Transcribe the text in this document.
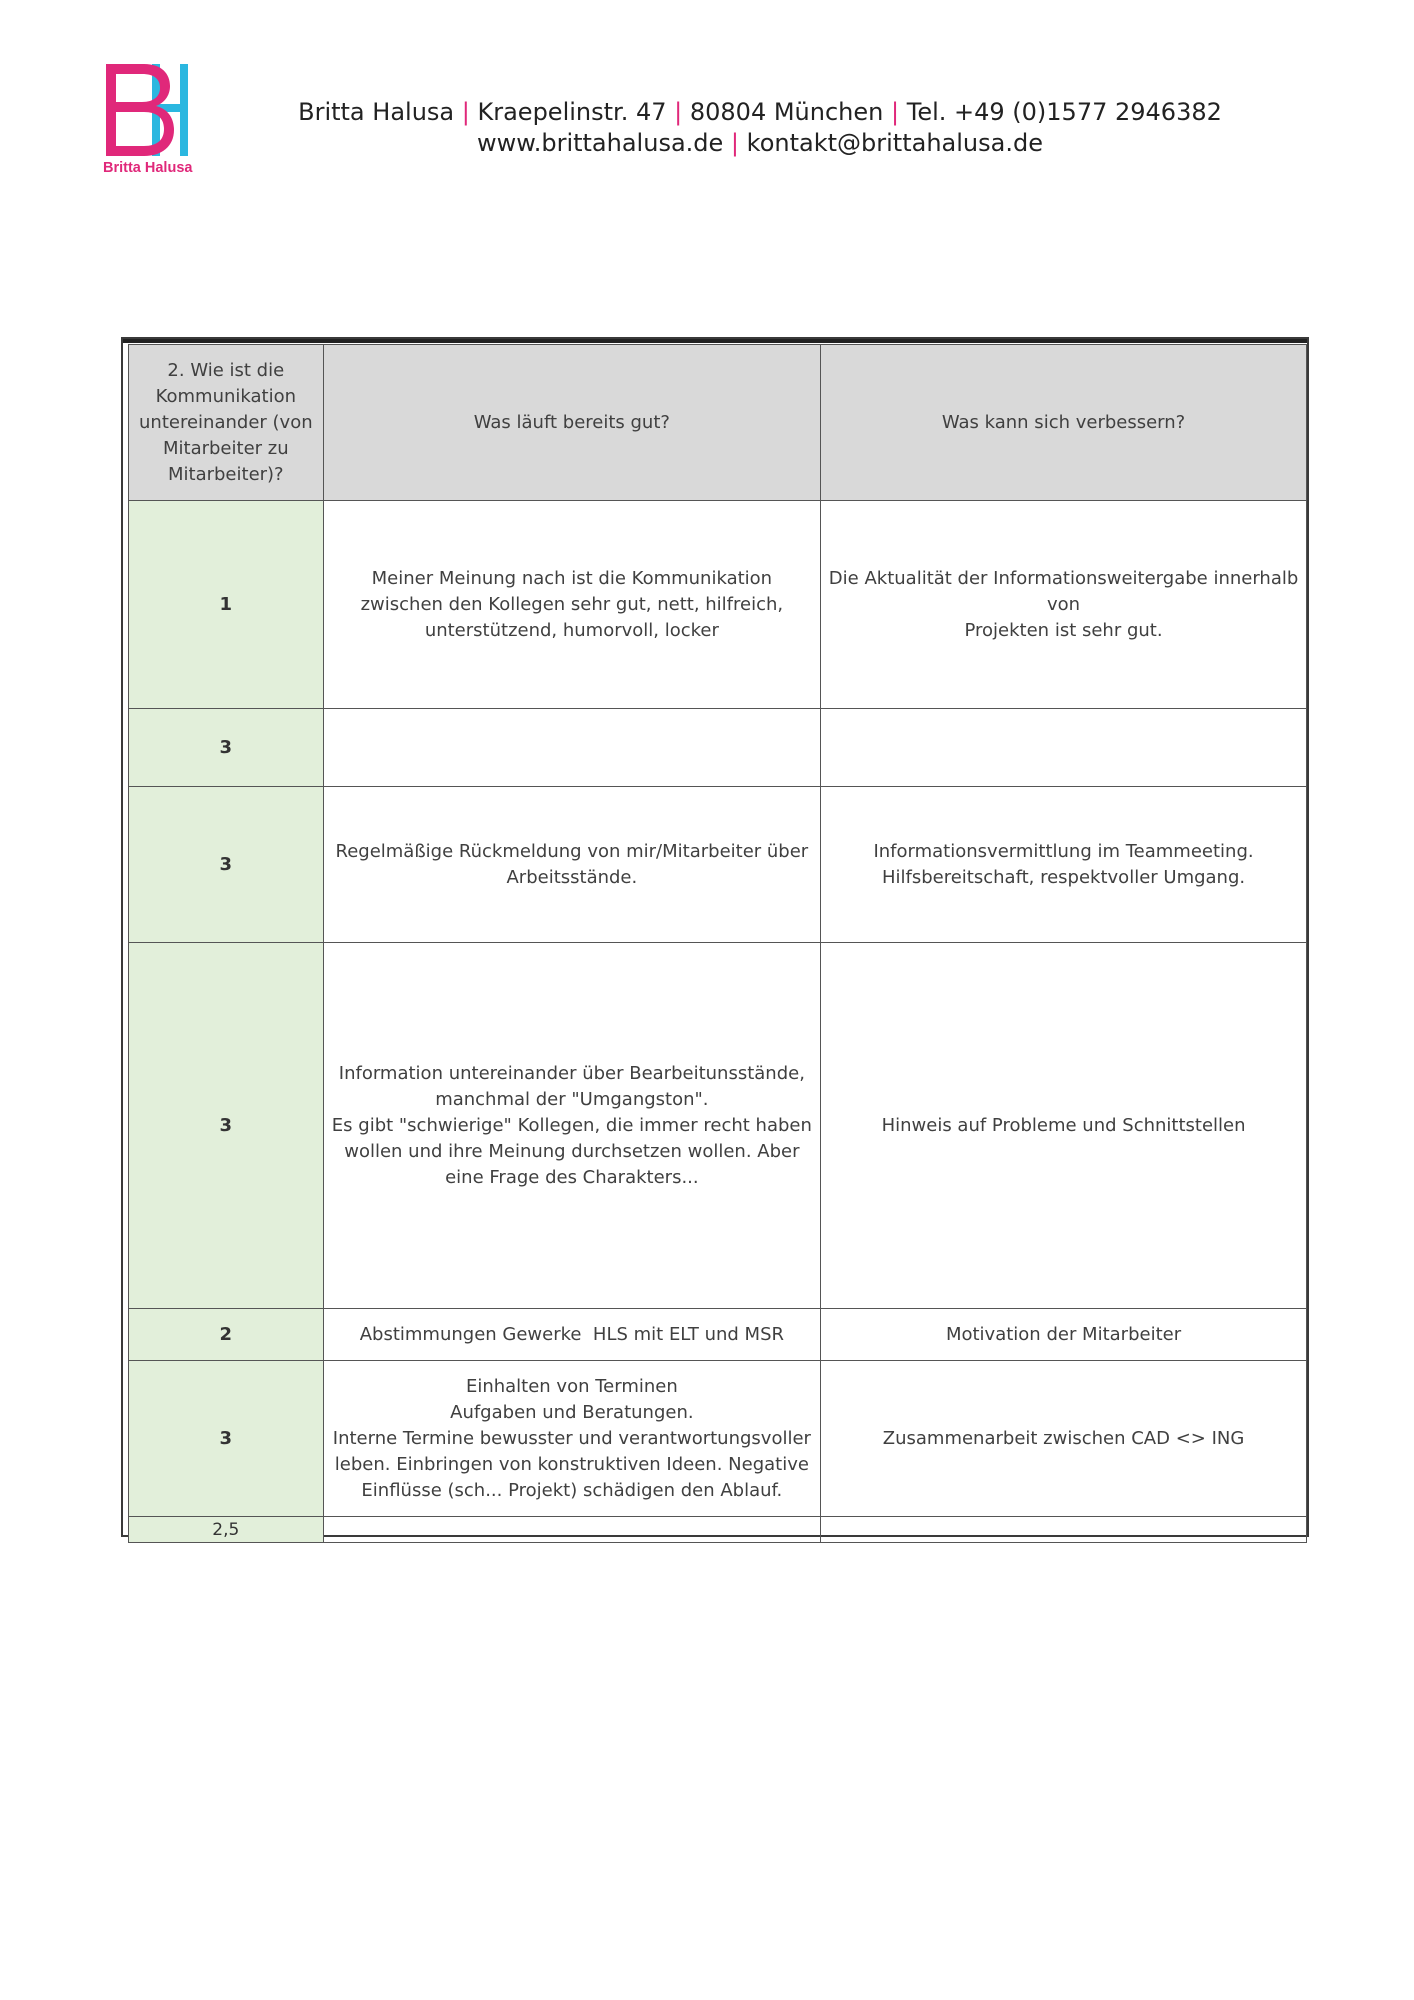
Britta Halusa
Britta Halusa | Kraepelinstr. 47 | 80804 München | Tel. +49 (0)1577 2946382
www.brittahalusa.de | kontakt@brittahalusa.de
2. Wie ist die Kommunikation untereinander (von Mitarbeiter zu Mitarbeiter)?	Was läuft bereits gut?	Was kann sich verbessern?
1	Meiner Meinung nach ist die Kommunikation zwischen den Kollegen sehr gut, nett, hilfreich, unterstützend, humorvoll, locker	Die Aktualität der Informationsweitergabe innerhalb von
Projekten ist sehr gut.

3		
3	Regelmäßige Rückmeldung von mir/Mitarbeiter über Arbeitsstände.	Informationsvermittlung im Teammeeting.
Hilfsbereitschaft, respektvoller Umgang.

3	Information untereinander über Bearbeitunsstände, manchmal der "Umgangston".
Es gibt "schwierige" Kollegen, die immer recht haben wollen und ihre Meinung durchsetzen wollen. Aber eine Frage des Charakters...	Hinweis auf Probleme und Schnittstellen

2	Abstimmungen Gewerke  HLS mit ELT und MSR	Motivation der Mitarbeiter

3	Einhalten von Terminen
Aufgaben und Beratungen.
Interne Termine bewusster und verantwortungsvoller leben. Einbringen von konstruktiven Ideen. Negative Einflüsse (sch... Projekt) schädigen den Ablauf.	Zusammenarbeit zwischen CAD <> ING

2,5		
